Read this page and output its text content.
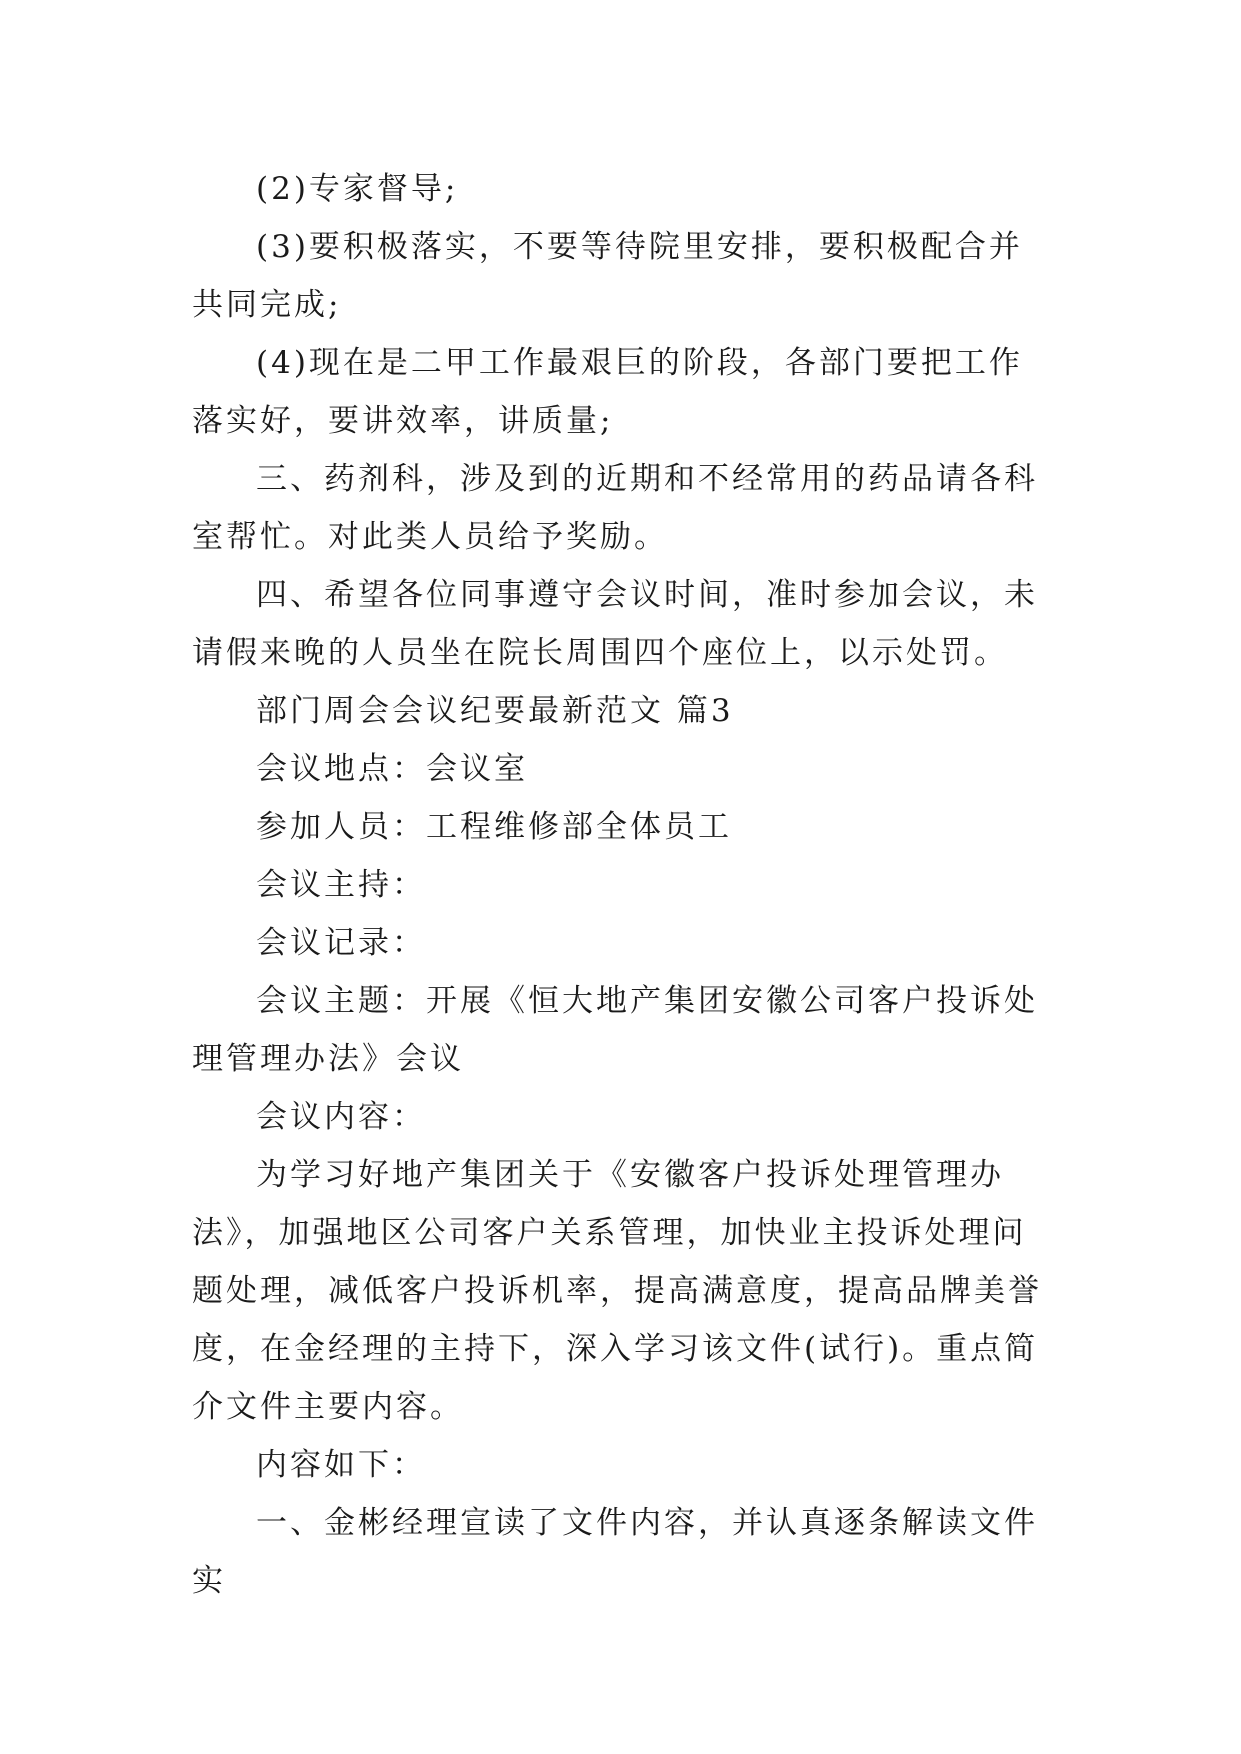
(2)专家督导;

(3)要积极落实，不要等待院里安排，要积极配合并共同完成;

(4)现在是二甲工作最艰巨的阶段，各部门要把工作落实好，要讲效率，讲质量;

三、药剂科，涉及到的近期和不经常用的药品请各科室帮忙。对此类人员给予奖励。

四、希望各位同事遵守会议时间，准时参加会议，未请假来晚的人员坐在院长周围四个座位上，以示处罚。

部门周会会议纪要最新范文 篇3

会议地点：会议室

参加人员：工程维修部全体员工

会议主持：

会议记录：

会议主题：开展《恒大地产集团安徽公司客户投诉处理管理办法》会议

会议内容：

为学习好地产集团关于《安徽客户投诉处理管理办法》，加强地区公司客户关系管理，加快业主投诉处理问题处理，减低客户投诉机率，提高满意度，提高品牌美誉度，在金经理的主持下，深入学习该文件(试行)。重点简介文件主要内容。

内容如下：

一、金彬经理宣读了文件内容，并认真逐条解读文件实
